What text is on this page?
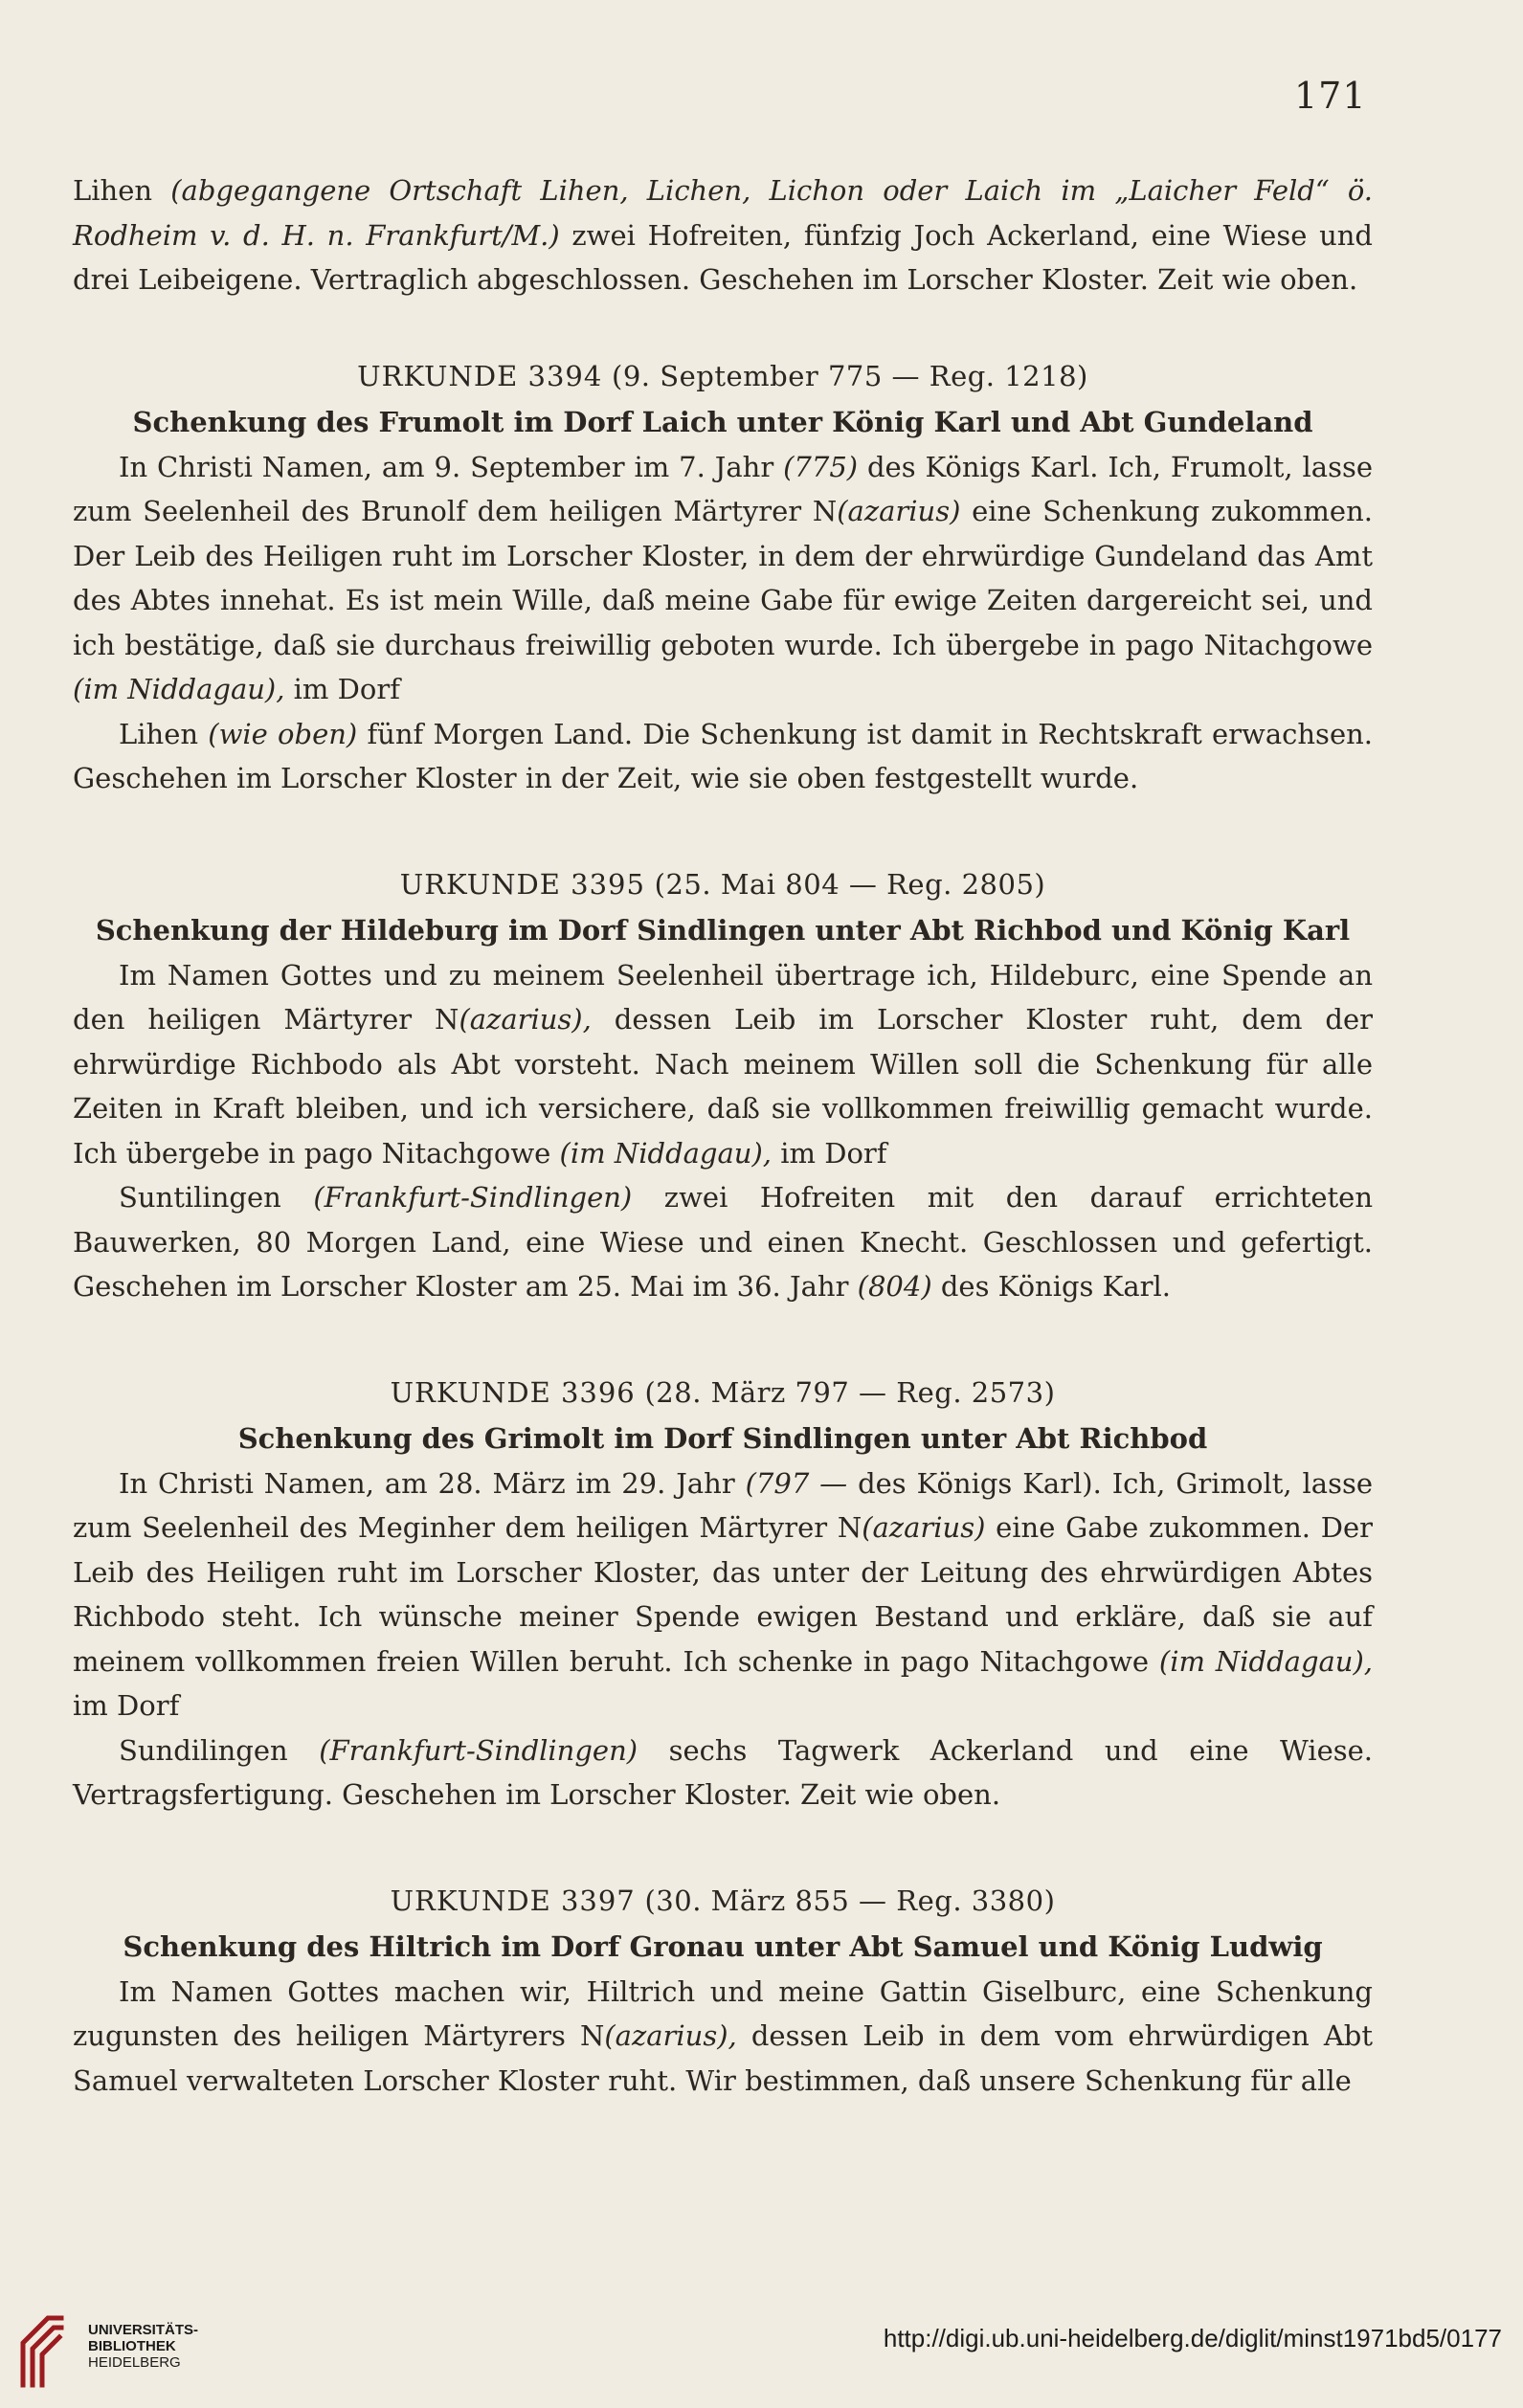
171

Lihen (abgegangene Ortschaft Lihen, Lichen, Lichon oder Laich im „Laicher Feld“ ö. Rodheim v. d. H. n. Frankfurt/M.) zwei Hofreiten, fünfzig Joch Ackerland, eine Wiese und drei Leibeigene. Vertraglich abgeschlossen. Geschehen im Lorscher Kloster. Zeit wie oben.

URKUNDE 3394 (9. September 775 — Reg. 1218)

Schenkung des Frumolt im Dorf Laich unter König Karl und Abt Gundeland

In Christi Namen, am 9. September im 7. Jahr (775) des Königs Karl. Ich, Frumolt, lasse zum Seelenheil des Brunolf dem heiligen Märtyrer N(azarius) eine Schenkung zukommen. Der Leib des Heiligen ruht im Lorscher Kloster, in dem der ehrwürdige Gundeland das Amt des Abtes innehat. Es ist mein Wille, daß meine Gabe für ewige Zeiten dargereicht sei, und ich bestätige, daß sie durchaus freiwillig geboten wurde. Ich übergebe in pago Nitachgowe (im Niddagau), im Dorf

Lihen (wie oben) fünf Morgen Land. Die Schenkung ist damit in Rechtskraft erwachsen. Geschehen im Lorscher Kloster in der Zeit, wie sie oben festgestellt wurde.

URKUNDE 3395 (25. Mai 804 — Reg. 2805)

Schenkung der Hildeburg im Dorf Sindlingen unter Abt Richbod und König Karl

Im Namen Gottes und zu meinem Seelenheil übertrage ich, Hildeburc, eine Spende an den heiligen Märtyrer N(azarius), dessen Leib im Lorscher Kloster ruht, dem der ehrwürdige Richbodo als Abt vorsteht. Nach meinem Willen soll die Schenkung für alle Zeiten in Kraft bleiben, und ich versichere, daß sie vollkommen freiwillig gemacht wurde. Ich übergebe in pago Nitachgowe (im Niddagau), im Dorf

Suntilingen (Frankfurt-Sindlingen) zwei Hofreiten mit den darauf errichteten Bauwerken, 80 Morgen Land, eine Wiese und einen Knecht. Geschlossen und gefertigt. Geschehen im Lorscher Kloster am 25. Mai im 36. Jahr (804) des Königs Karl.

URKUNDE 3396 (28. März 797 — Reg. 2573)

Schenkung des Grimolt im Dorf Sindlingen unter Abt Richbod

In Christi Namen, am 28. März im 29. Jahr (797 — des Königs Karl). Ich, Grimolt, lasse zum Seelenheil des Meginher dem heiligen Märtyrer N(azarius) eine Gabe zukommen. Der Leib des Heiligen ruht im Lorscher Kloster, das unter der Leitung des ehrwürdigen Abtes Richbodo steht. Ich wünsche meiner Spende ewigen Bestand und erkläre, daß sie auf meinem vollkommen freien Willen beruht. Ich schenke in pago Nitachgowe (im Niddagau), im Dorf

Sundilingen (Frankfurt-Sindlingen) sechs Tagwerk Ackerland und eine Wiese. Vertragsfertigung. Geschehen im Lorscher Kloster. Zeit wie oben.

URKUNDE 3397 (30. März 855 — Reg. 3380)

Schenkung des Hiltrich im Dorf Gronau unter Abt Samuel und König Ludwig

Im Namen Gottes machen wir, Hiltrich und meine Gattin Giselburc, eine Schenkung zugunsten des heiligen Märtyrers N(azarius), dessen Leib in dem vom ehrwürdigen Abt Samuel verwalteten Lorscher Kloster ruht. Wir bestimmen, daß unsere Schenkung für alle

UNIVERSITÄTS-
BIBLIOTHEK
HEIDELBERG
http://digi.ub.uni-heidelberg.de/diglit/minst1971bd5/0177
